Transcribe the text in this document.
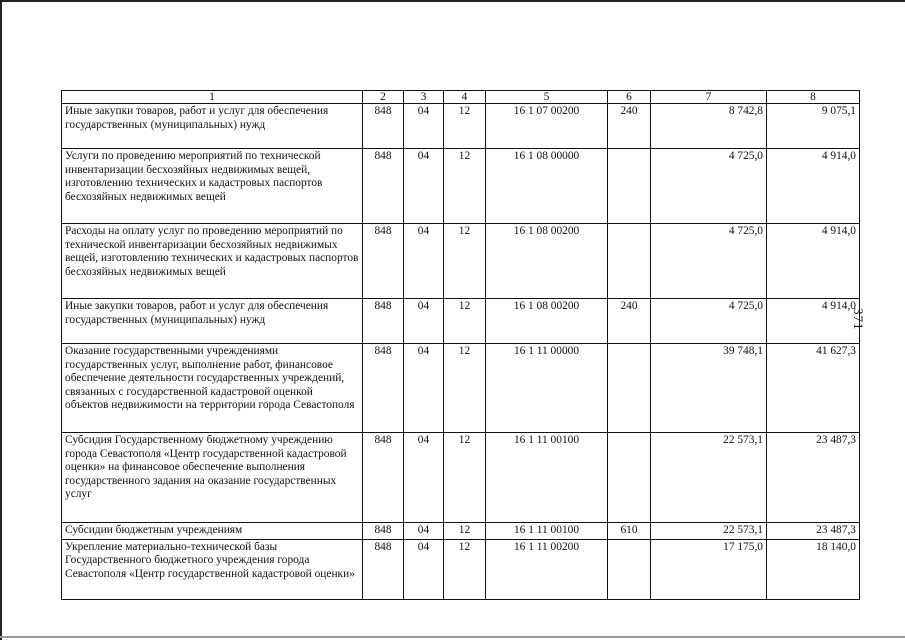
1	2	3	4	5	6	7	8
Иные закупки товаров, работ и услуг для обеспечения государственных (муниципальных) нужд	848	04	12	16 1 07 00200	240	8 742,8	9 075,1
Услуги по проведению мероприятий по технической инвентаризации бесхозяйных недвижимых вещей, изготовлению технических и кадастровых паспортов бесхозяйных недвижимых вещей	848	04	12	16 1 08 00000		4 725,0	4 914,0
Расходы на оплату услуг по проведению мероприятий по технической инвентаризации бесхозяйных недвижимых вещей, изготовлению технических и кадастровых паспортов бесхозяйных недвижимых вещей	848	04	12	16 1 08 00200		4 725,0	4 914,0
Иные закупки товаров, работ и услуг для обеспечения государственных (муниципальных) нужд	848	04	12	16 1 08 00200	240	4 725,0	4 914,0
Оказание государственными учреждениями государственных услуг, выполнение работ, финансовое обеспечение деятельности государственных учреждений, связанных с государственной кадастровой оценкой объектов недвижимости на территории города Севастополя	848	04	12	16 1 11 00000		39 748,1	41 627,3
Субсидия Государственному бюджетному учреждению города Севастополя «Центр государственной кадастровой оценки» на финансовое обеспечение выполнения государственного задания на оказание государственных услуг	848	04	12	16 1 11 00100		22 573,1	23 487,3
Субсидии бюджетным учреждениям	848	04	12	16 1 11 00100	610	22 573,1	23 487,3
Укрепление материально-технической базы Государственного бюджетного учреждения города Севастополя «Центр государственной кадастровой оценки»	848	04	12	16 1 11 00200		17 175,0	18 140,0
371
